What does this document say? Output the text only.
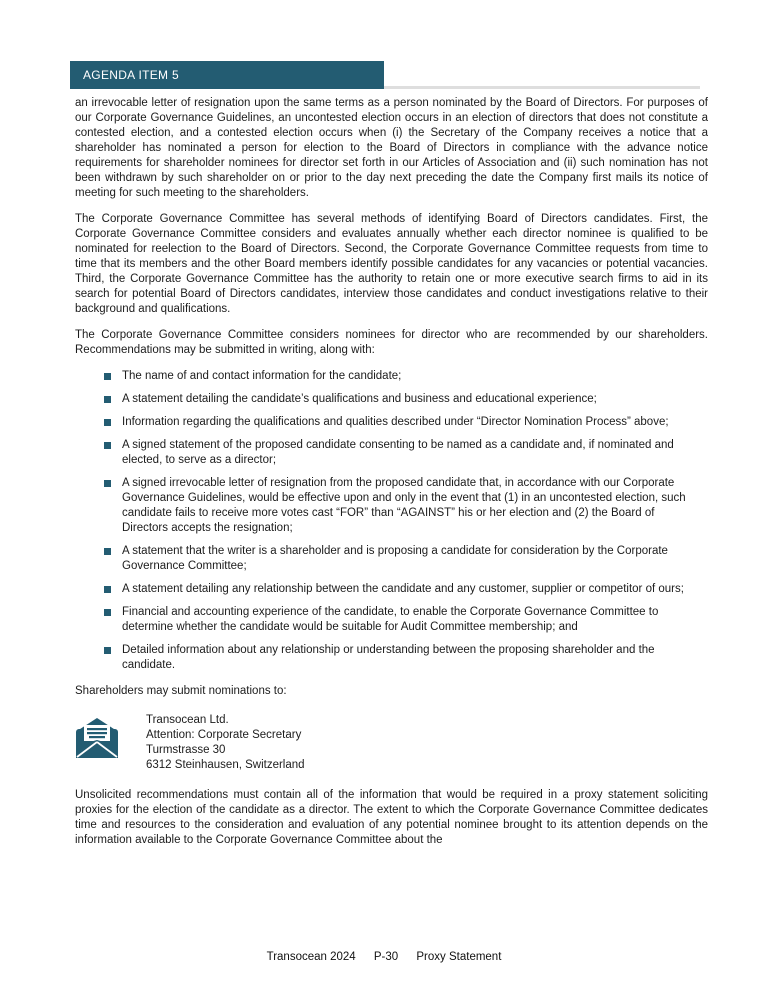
AGENDA ITEM 5

an irrevocable letter of resignation upon the same terms as a person nominated by the Board of Directors. For purposes of our Corporate Governance Guidelines, an uncontested election occurs in an election of directors that does not constitute a contested election, and a contested election occurs when (i) the Secretary of the Company receives a notice that a shareholder has nominated a person for election to the Board of Directors in compliance with the advance notice requirements for shareholder nominees for director set forth in our Articles of Association and (ii) such nomination has not been withdrawn by such shareholder on or prior to the day next preceding the date the Company first mails its notice of meeting for such meeting to the shareholders.

The Corporate Governance Committee has several methods of identifying Board of Directors candidates. First, the Corporate Governance Committee considers and evaluates annually whether each director nominee is qualified to be nominated for reelection to the Board of Directors. Second, the Corporate Governance Committee requests from time to time that its members and the other Board members identify possible candidates for any vacancies or potential vacancies. Third, the Corporate Governance Committee has the authority to retain one or more executive search firms to aid in its search for potential Board of Directors candidates, interview those candidates and conduct investigations relative to their background and qualifications.

The Corporate Governance Committee considers nominees for director who are recommended by our shareholders. Recommendations may be submitted in writing, along with:

The name of and contact information for the candidate;
A statement detailing the candidate’s qualifications and business and educational experience;
Information regarding the qualifications and qualities described under “Director Nomination Process” above;
A signed statement of the proposed candidate consenting to be named as a candidate and, if nominated and elected, to serve as a director;
A signed irrevocable letter of resignation from the proposed candidate that, in accordance with our Corporate Governance Guidelines, would be effective upon and only in the event that (1) in an uncontested election, such candidate fails to receive more votes cast “FOR” than “AGAINST” his or her election and (2) the Board of Directors accepts the resignation;
A statement that the writer is a shareholder and is proposing a candidate for consideration by the Corporate Governance Committee;
A statement detailing any relationship between the candidate and any customer, supplier or competitor of ours;
Financial and accounting experience of the candidate, to enable the Corporate Governance Committee to determine whether the candidate would be suitable for Audit Committee membership; and
Detailed information about any relationship or understanding between the proposing shareholder and the candidate.

Shareholders may submit nominations to:

Transocean Ltd.
Attention: Corporate Secretary
Turmstrasse 30
6312 Steinhausen, Switzerland

Unsolicited recommendations must contain all of the information that would be required in a proxy statement soliciting proxies for the election of the candidate as a director. The extent to which the Corporate Governance Committee dedicates time and resources to the consideration and evaluation of any potential nominee brought to its attention depends on the information available to the Corporate Governance Committee about the

Transocean 2024 P-30 Proxy Statement
